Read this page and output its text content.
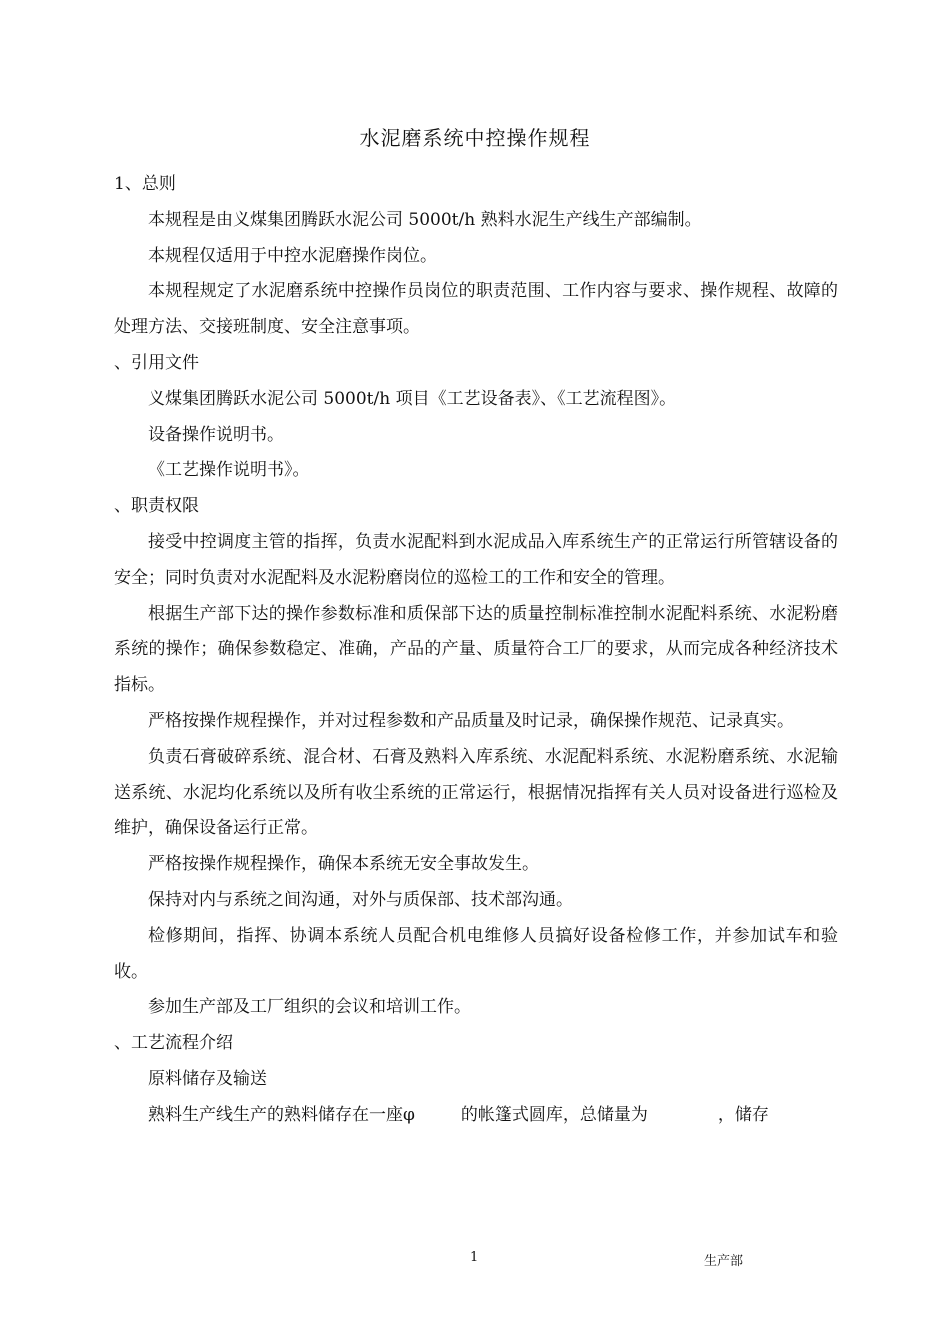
水泥磨系统中控操作规程

1、总则

本规程是由义煤集团腾跃水泥公司 5000t/h 熟料水泥生产线生产部编制。

本规程仅适用于中控水泥磨操作岗位。

本规程规定了水泥磨系统中控操作员岗位的职责范围、工作内容与要求、操作规程、故障的处理方法、交接班制度、安全注意事项。

、引用文件

义煤集团腾跃水泥公司 5000t/h 项目《工艺设备表》、《工艺流程图》。

设备操作说明书。

《工艺操作说明书》。

、职责权限

接受中控调度主管的指挥，负责水泥配料到水泥成品入库系统生产的正常运行所管辖设备的安全；同时负责对水泥配料及水泥粉磨岗位的巡检工的工作和安全的管理。

根据生产部下达的操作参数标准和质保部下达的质量控制标准控制水泥配料系统、水泥粉磨系统的操作；确保参数稳定、准确，产品的产量、质量符合工厂的要求，从而完成各种经济技术指标。

严格按操作规程操作，并对过程参数和产品质量及时记录，确保操作规范、记录真实。

负责石膏破碎系统、混合材、石膏及熟料入库系统、水泥配料系统、水泥粉磨系统、水泥输送系统、水泥均化系统以及所有收尘系统的正常运行，根据情况指挥有关人员对设备进行巡检及维护，确保设备运行正常。

严格按操作规程操作，确保本系统无安全事故发生。

保持对内与系统之间沟通，对外与质保部、技术部沟通。

检修期间，指挥、协调本系统人员配合机电维修人员搞好设备检修工作，并参加试车和验收。

参加生产部及工厂组织的会议和培训工作。

、工艺流程介绍

原料储存及输送

熟料生产线生产的熟料储存在一座φ	的帐篷式圆库，总储量为	，储存

1	生产部
